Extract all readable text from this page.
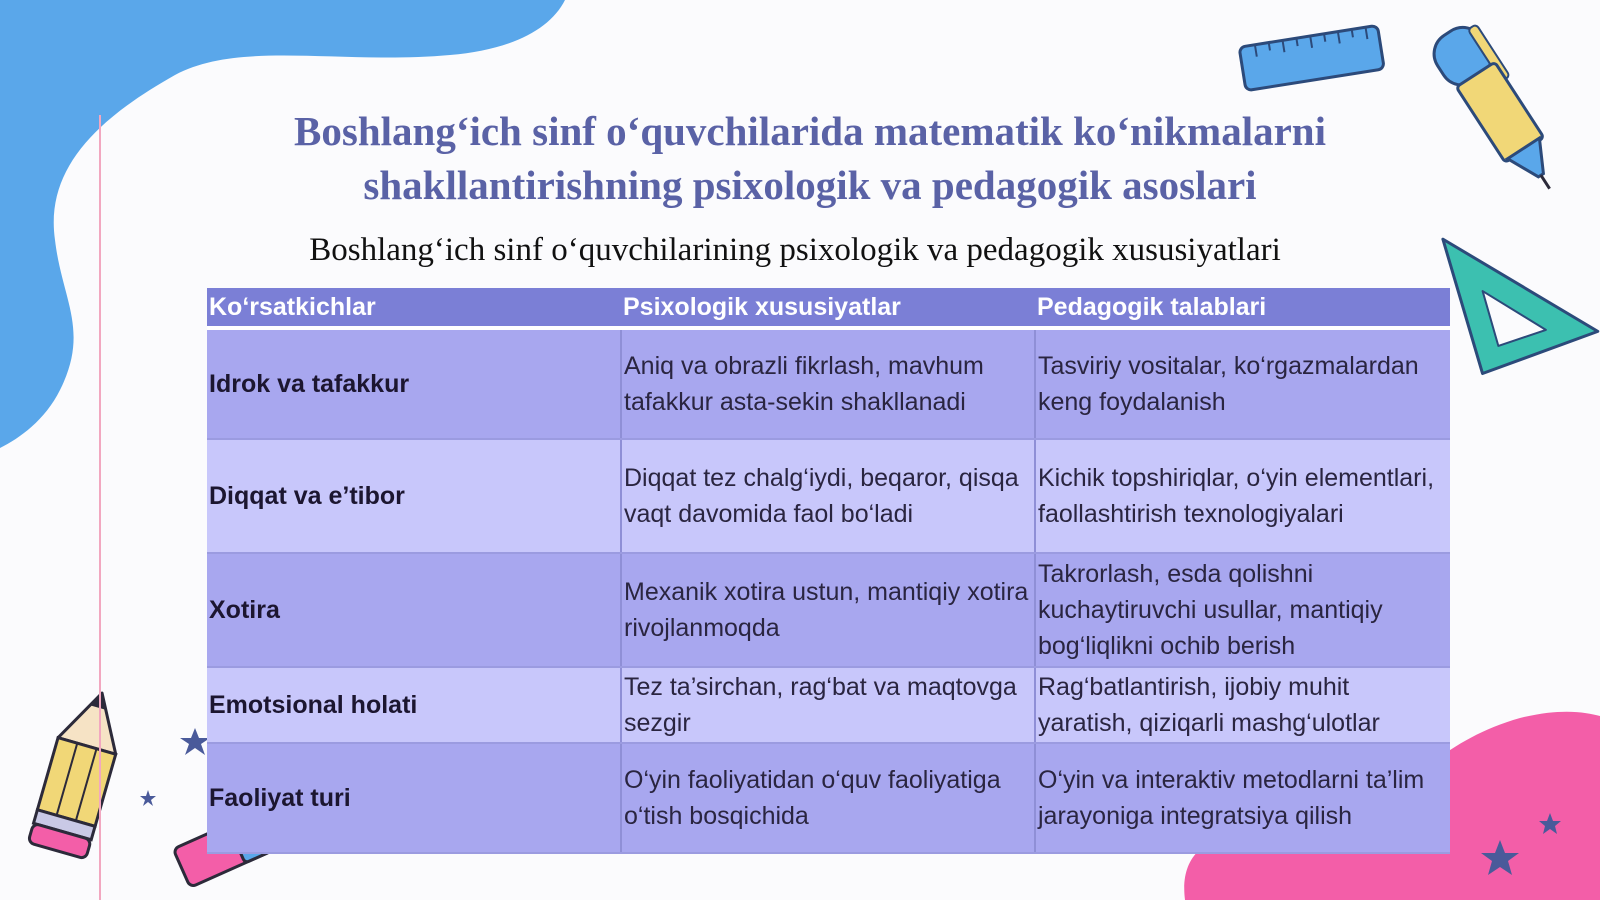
Boshlang‘ich sinf o‘quvchilarida matematik ko‘nikmalarni
shakllantirishning psixologik va pedagogik asoslari

Boshlang‘ich sinf o‘quvchilarining psixologik va pedagogik xususiyatlari

Ko‘rsatkichlar	Psixologik xususiyatlar	Pedagogik talablari
Idrok va tafakkur	Aniq va obrazli fikrlash, mavhum tafakkur asta-sekin shakllanadi	Tasviriy vositalar, ko‘rgazmalardan keng foydalanish
Diqqat va e’tibor	Diqqat tez chalg‘iydi, beqaror, qisqa vaqt davomida faol bo‘ladi	Kichik topshiriqlar, o‘yin elementlari, faollashtirish texnologiyalari
Xotira	Mexanik xotira ustun, mantiqiy xotira rivojlanmoqda	Takrorlash, esda qolishni kuchaytiruvchi usullar, mantiqiy bog‘liqlikni ochib berish
Emotsional holati	Tez ta’sirchan, rag‘bat va maqtovga sezgir	Rag‘batlantirish, ijobiy muhit yaratish, qiziqarli mashg‘ulotlar
Faoliyat turi	O‘yin faoliyatidan o‘quv faoliyatiga o‘tish bosqichida	O‘yin va interaktiv metodlarni ta’lim jarayoniga integratsiya qilish
